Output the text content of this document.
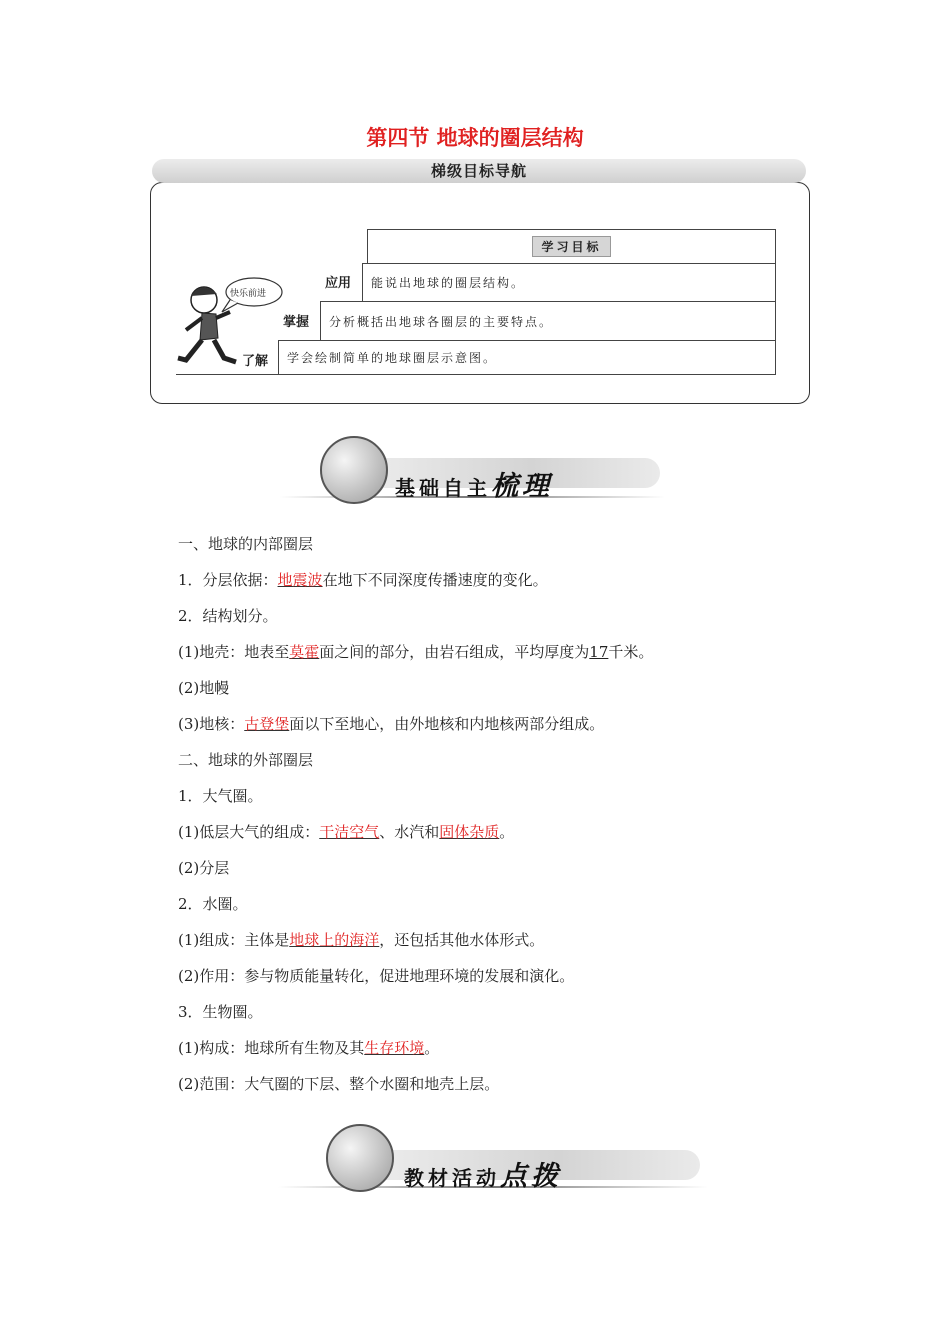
第四节 地球的圈层结构
梯级目标导航
快乐前进
学习目标
能说出地球的圈层结构。
分析概括出地球各圈层的主要特点。
学会绘制简单的地球圈层示意图。
应用
掌握
了解
基础自主梳理
一、地球的内部圈层
1．分层依据：地震波在地下不同深度传播速度的变化。
2．结构划分。
(1)地壳：地表至莫霍面之间的部分，由岩石组成，平均厚度为17千米。
(2)地幔
(3)地核：古登堡面以下至地心，由外地核和内地核两部分组成。
二、地球的外部圈层
1．大气圈。
(1)低层大气的组成：干洁空气、水汽和固体杂质。
(2)分层
2．水圈。
(1)组成：主体是地球上的海洋，还包括其他水体形式。
(2)作用：参与物质能量转化，促进地理环境的发展和演化。
3．生物圈。
(1)构成：地球所有生物及其生存环境。
(2)范围：大气圈的下层、整个水圈和地壳上层。
教材活动点拨
